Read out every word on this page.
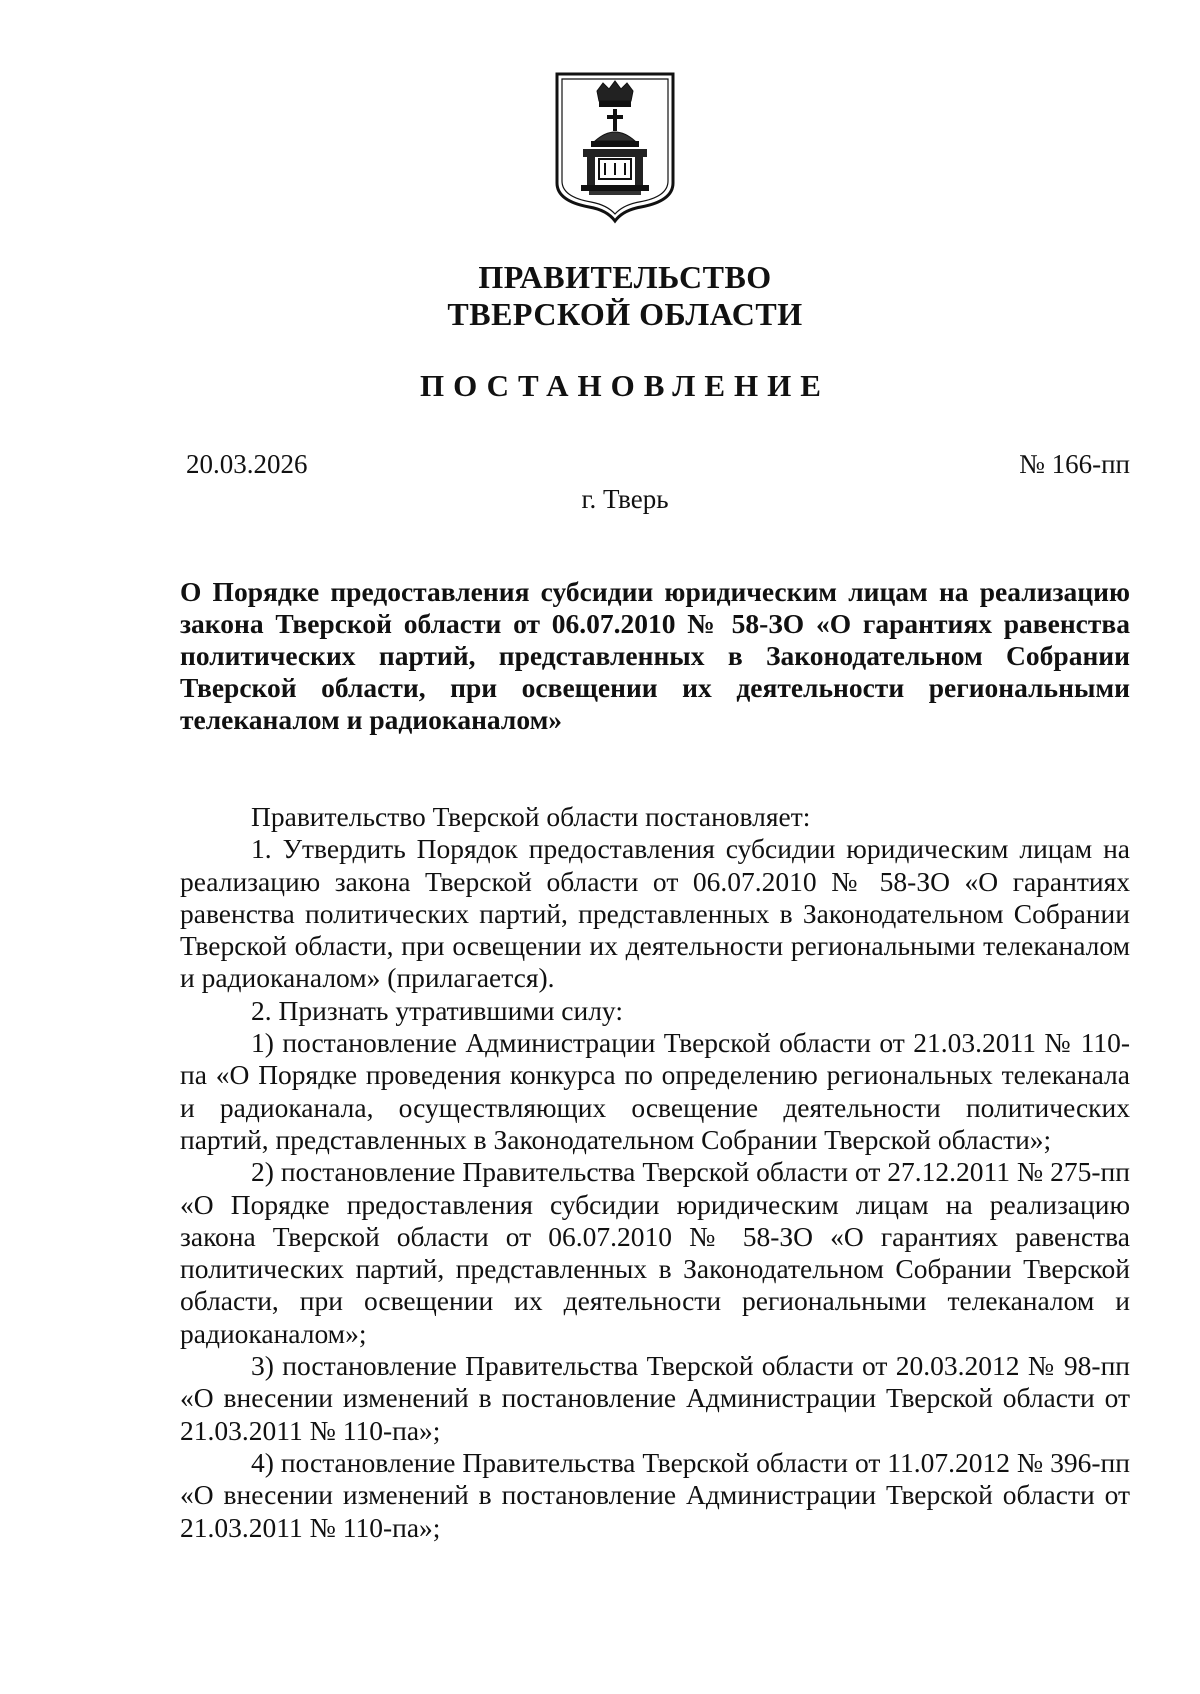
ПРАВИТЕЛЬСТВО
ТВЕРСКОЙ ОБЛАСТИ
ПОСТАНОВЛЕНИЕ
20.03.2026	№ 166-пп
г. Тверь
О Порядке предоставления субсидии юридическим лицам на реализацию закона Тверской области от 06.07.2010 № 58-ЗО «О гарантиях равенства политических партий, представленных в Законодательном Собрании Тверской области, при освещении их деятельности региональными телеканалом и радиоканалом»

Правительство Тверской области постановляет:

1. Утвердить Порядок предоставления субсидии юридическим лицам на реализацию закона Тверской области от 06.07.2010 № 58-ЗО «О гарантиях равенства политических партий, представленных в Законодательном Собрании Тверской области, при освещении их деятельности региональными телеканалом и радиоканалом» (прилагается).

2. Признать утратившими силу:

1) постановление Администрации Тверской области от 21.03.2011 № 110-па «О Порядке проведения конкурса по определению региональных телеканала и радиоканала, осуществляющих освещение деятельности политических партий, представленных в Законодательном Собрании Тверской области»;

2) постановление Правительства Тверской области от 27.12.2011 № 275-пп «О Порядке предоставления субсидии юридическим лицам на реализацию закона Тверской области от 06.07.2010 № 58-ЗО «О гарантиях равенства политических партий, представленных в Законодательном Собрании Тверской области, при освещении их деятельности региональными телеканалом и радиоканалом»;

3) постановление Правительства Тверской области от 20.03.2012 № 98-пп «О внесении изменений в постановление Администрации Тверской области от 21.03.2011 № 110-па»;

4) постановление Правительства Тверской области от 11.07.2012 № 396-пп «О внесении изменений в постановление Администрации Тверской области от 21.03.2011 № 110-па»;
